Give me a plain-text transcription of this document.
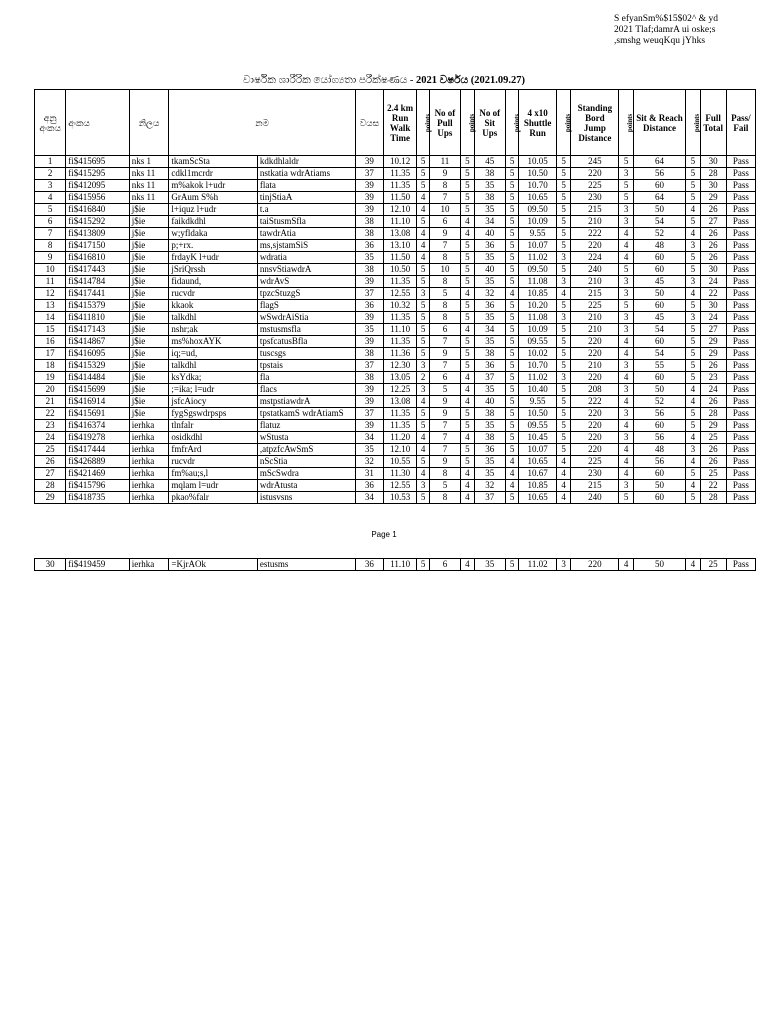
S efyanSm%$15$02^ & yd
2021 Tlaf;damrA ui oske;s
,smshg weuqKqu jYhks
වාර්ෂික ශාරීරික යෝග්‍යතා පරීක්ෂණය - 2021 වර්ෂය (2021.09.27)
අනු අංකය	අංකය	නිලය	නම		වයස	2.4 km Run Walk Time	points	No of Pull Ups	points	No of Sit Ups	points	4 x10 Shuttle Run	points	Standing Bord Jump Distance	points	Sit & Reach Distance	points	Full Total	Pass/ Fail
1	fi$415695	nks 1	tkamScSta	kdkdhlaldr	39	10.12	5	11	5	45	5	10.05	5	245	5	64	5	30	Pass
2	fi$415295	nks 11	cdkl1mcrdr	nstkatia wdrAtiams	37	11.35	5	9	5	38	5	10.50	5	220	3	56	5	28	Pass
3	fi$412095	nks 11	m%akok l+udr	flata	39	11.35	5	8	5	35	5	10.70	5	225	5	60	5	30	Pass
4	fi$415956	nks 11	GrAum S%h	tinjStiaA	39	11.50	4	7	5	38	5	10.65	5	230	5	64	5	29	Pass
5	fi$416840	j$ie	l+iquz l+udr	t.a	39	12.10	4	10	5	35	5	09.50	5	215	3	50	4	26	Pass
6	fi$415292	j$ie	faikdkdhl	taiStusmSfla	38	11.10	5	6	4	34	5	10.09	5	210	3	54	5	27	Pass
7	fi$413809	j$ie	w;yfldaka	tawdrAtia	38	13.08	4	9	4	40	5	9.55	5	222	4	52	4	26	Pass
8	fi$417150	j$ie	p;+rx.	ms,sjstamSiS	36	13.10	4	7	5	36	5	10.07	5	220	4	48	3	26	Pass
9	fi$416810	j$ie	frdayK l+udr	wdratia	35	11.50	4	8	5	35	5	11.02	3	224	4	60	5	26	Pass
10	fi$417443	j$ie	jSriQrssh	nnsvStiawdrA	38	10.50	5	10	5	40	5	09.50	5	240	5	60	5	30	Pass
11	fi$414784	j$ie	fidaund,	wdrAvS	39	11.35	5	8	5	35	5	11.08	3	210	3	45	3	24	Pass
12	fi$417441	j$ie	rucvdr	tpzcStuzgS	37	12.55	3	5	4	32	4	10.85	4	215	3	50	4	22	Pass
13	fi$415379	j$ie	kkaok	flagS	36	10.32	5	8	5	36	5	10.20	5	225	5	60	5	30	Pass
14	fi$411810	j$ie	talkdhl	wSwdrAiStia	39	11.35	5	8	5	35	5	11.08	3	210	3	45	3	24	Pass
15	fi$417143	j$ie	nshr;ak	mstusmsfla	35	11.10	5	6	4	34	5	10.09	5	210	3	54	5	27	Pass
16	fi$414867	j$ie	ms%hoxAYK	tpsfcatusBfla	39	11.35	5	7	5	35	5	09.55	5	220	4	60	5	29	Pass
17	fi$416095	j$ie	iq;=ud,	tuscsgs	38	11.36	5	9	5	38	5	10.02	5	220	4	54	5	29	Pass
18	fi$415329	j$ie	talkdhl	tpstais	37	12.30	3	7	5	36	5	10.70	5	210	3	55	5	26	Pass
19	fi$414484	j$ie	ksYdka;	fla	38	13.05	2	6	4	37	5	11.02	3	220	4	60	5	23	Pass
20	fi$415699	j$ie	;=ika; l=udr	flacs	39	12.25	3	5	4	35	5	10.40	5	208	3	50	4	24	Pass
21	fi$416914	j$ie	jsfcAiocy	mstpstiawdrA	39	13.08	4	9	4	40	5	9.55	5	222	4	52	4	26	Pass
22	fi$415691	j$ie	fygSgswdrpsps	tpstatkamS wdrAtiamS	37	11.35	5	9	5	38	5	10.50	5	220	3	56	5	28	Pass
23	fi$416374	ierhka	tlnfalr	flatuz	39	11.35	5	7	5	35	5	09.55	5	220	4	60	5	29	Pass
24	fi$419278	ierhka	osidkdhl	wStusta	34	11.20	4	7	4	38	5	10.45	5	220	3	56	4	25	Pass
25	fi$417444	ierhka	fmfrArd	,atpzfcAwSmS	35	12.10	4	7	5	36	5	10.07	5	220	4	48	3	26	Pass
26	fi$426889	ierhka	rucvdr	nScStia	32	10.55	5	9	5	35	4	10.65	4	225	4	56	4	26	Pass
27	fi$421469	ierhka	fm%au;s,l	mScSwdra	31	11.30	4	8	4	35	4	10.67	4	230	4	60	5	25	Pass
28	fi$415796	ierhka	mqlam l=udr	wdrAtusta	36	12.55	3	5	4	32	4	10.85	4	215	3	50	4	22	Pass
29	fi$418735	ierhka	pkao%falr	istusvsns	34	10.53	5	8	4	37	5	10.65	4	240	5	60	5	28	Pass
Page 1
30	fi$419459	ierhka	=KjrAOk	estusms	36	11.10	5	6	4	35	5	11.02	3	220	4	50	4	25	Pass
